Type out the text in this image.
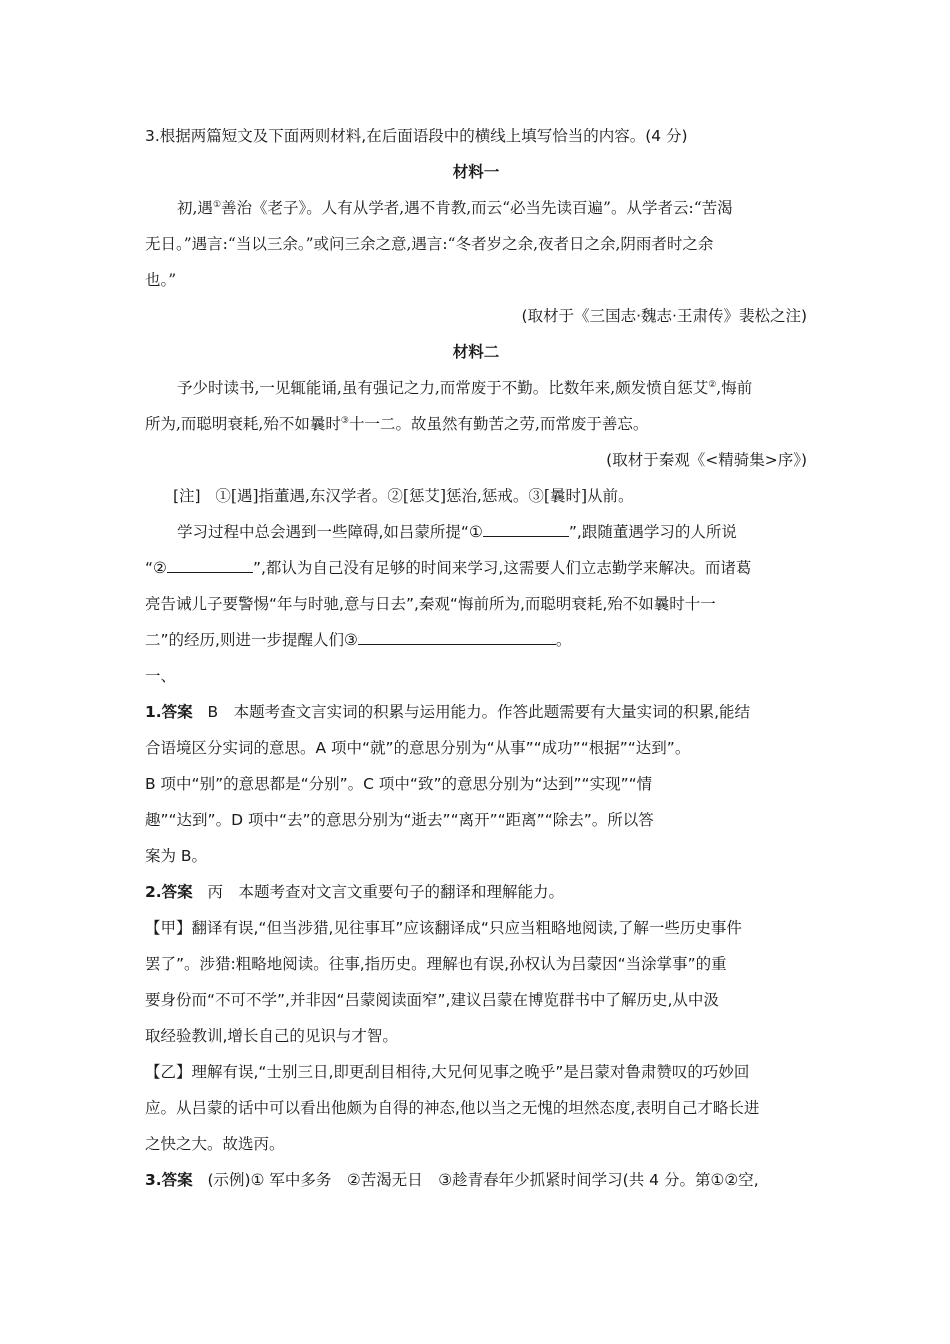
3.根据两篇短文及下面两则材料,在后面语段中的横线上填写恰当的内容。(4 分)
材料一
初,遇①善治《老子》。人有从学者,遇不肯教,而云“必当先读百遍”。从学者云:“苦渴
无日。”遇言:“当以三余。”或问三余之意,遇言:“冬者岁之余,夜者日之余,阴雨者时之余
也。”
(取材于《三国志·魏志·王肃传》裴松之注)
材料二
予少时读书,一见辄能诵,虽有强记之力,而常废于不勤。比数年来,颇发愤自惩艾②,悔前
所为,而聪明衰耗,殆不如曩时③十一二。故虽然有勤苦之劳,而常废于善忘。
(取材于秦观《<精骑集>序》)
[注] ①[遇]指董遇,东汉学者。②[惩艾]惩治,惩戒。③[曩时]从前。
学习过程中总会遇到一些障碍,如吕蒙所提“①	”,跟随董遇学习的人所说
“②	”,都认为自己没有足够的时间来学习,这需要人们立志勤学来解决。而诸葛
亮告诫儿子要警惕“年与时驰,意与日去”,秦观“悔前所为,而聪明衰耗,殆不如曩时十一
二”的经历,则进一步提醒人们③	。
一、
1.答案 B　本题考查文言实词的积累与运用能力。作答此题需要有大量实词的积累,能结
合语境区分实词的意思。A 项中“就”的意思分别为“从事”“成功”“根据”“达到”。
B 项中“别”的意思都是“分别”。C 项中“致”的意思分别为“达到”“实现”“情
趣”“达到”。D 项中“去”的意思分别为“逝去”“离开”“距离”“除去”。所以答
案为 B。
2.答案 丙　本题考查对文言文重要句子的翻译和理解能力。
【甲】翻译有误,“但当涉猎,见往事耳”应该翻译成“只应当粗略地阅读,了解一些历史事件
罢了”。涉猎:粗略地阅读。往事,指历史。理解也有误,孙权认为吕蒙因“当涂掌事”的重
要身份而“不可不学”,并非因“吕蒙阅读面窄”,建议吕蒙在博览群书中了解历史,从中汲
取经验教训,增长自己的见识与才智。
【乙】理解有误,“士别三日,即更刮目相待,大兄何见事之晚乎”是吕蒙对鲁肃赞叹的巧妙回
应。从吕蒙的话中可以看出他颇为自得的神态,他以当之无愧的坦然态度,表明自己才略长进
之快之大。故选丙。
3.答案 (示例)① 军中多务　②苦渴无日　③趁青春年少抓紧时间学习(共 4 分。第①②空,
